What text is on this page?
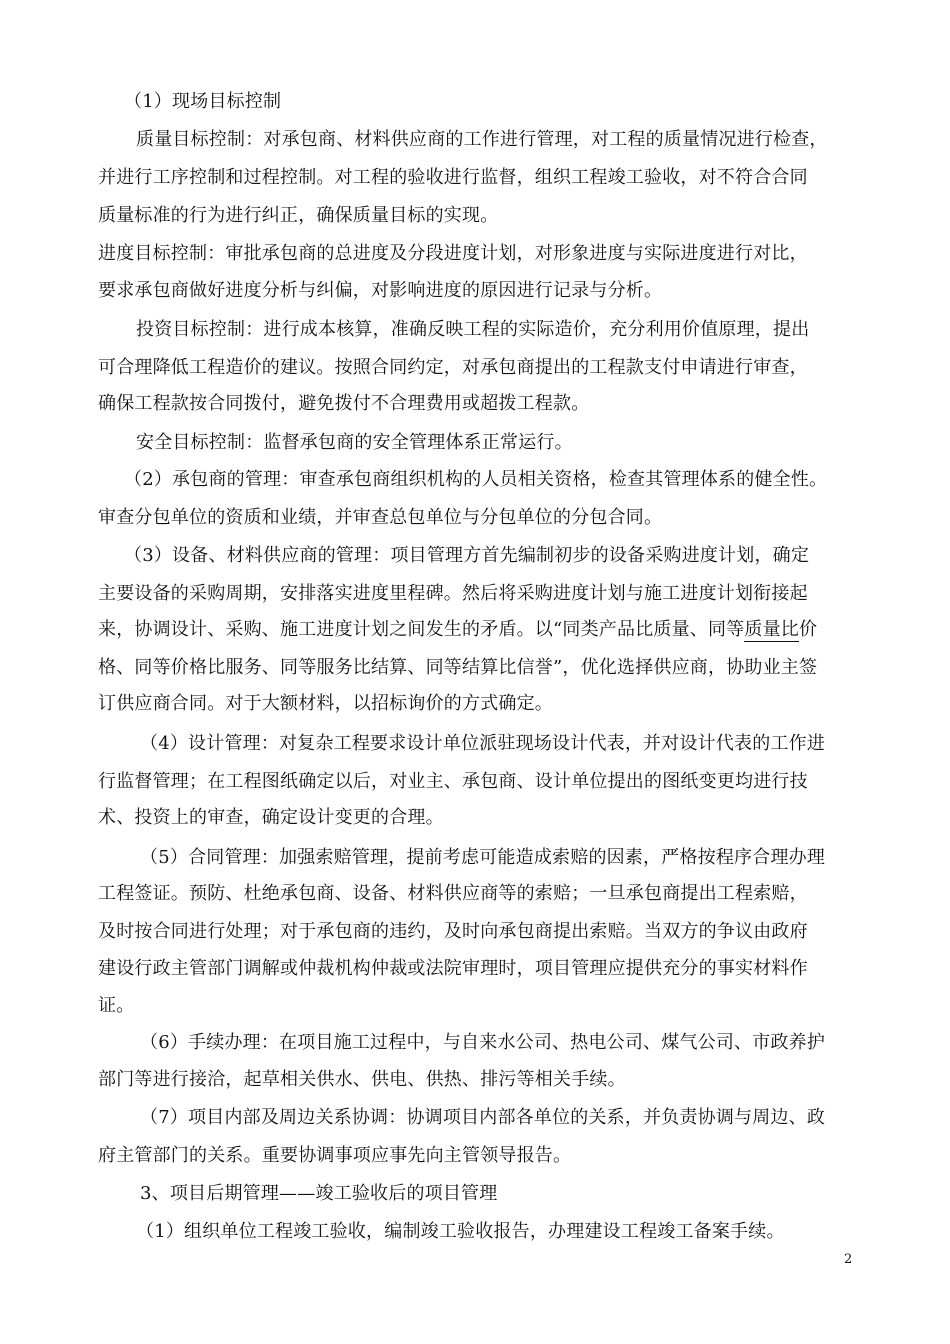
（1）现场目标控制
质量目标控制：对承包商、材料供应商的工作进行管理，对工程的质量情况进行检查，
并进行工序控制和过程控制。对工程的验收进行监督，组织工程竣工验收，对不符合合同
质量标准的行为进行纠正，确保质量目标的实现。
进度目标控制：审批承包商的总进度及分段进度计划，对形象进度与实际进度进行对比，
要求承包商做好进度分析与纠偏，对影响进度的原因进行记录与分析。
投资目标控制：进行成本核算，准确反映工程的实际造价，充分利用价值原理，提出
可合理降低工程造价的建议。按照合同约定，对承包商提出的工程款支付申请进行审查，
确保工程款按合同拨付，避免拨付不合理费用或超拨工程款。
安全目标控制：监督承包商的安全管理体系正常运行。
（2）承包商的管理：审查承包商组织机构的人员相关资格，检查其管理体系的健全性。
审查分包单位的资质和业绩，并审查总包单位与分包单位的分包合同。
（3）设备、材料供应商的管理：项目管理方首先编制初步的设备采购进度计划，确定
主要设备的采购周期，安排落实进度里程碑。然后将采购进度计划与施工进度计划衔接起
来，协调设计、采购、施工进度计划之间发生的矛盾。以“同类产品比质量、同等质量比价
格、同等价格比服务、同等服务比结算、同等结算比信誉”，优化选择供应商，协助业主签
订供应商合同。对于大额材料，以招标询价的方式确定。
（4）设计管理：对复杂工程要求设计单位派驻现场设计代表，并对设计代表的工作进
行监督管理；在工程图纸确定以后，对业主、承包商、设计单位提出的图纸变更均进行技
术、投资上的审查，确定设计变更的合理。
（5）合同管理：加强索赔管理，提前考虑可能造成索赔的因素，严格按程序合理办理
工程签证。预防、杜绝承包商、设备、材料供应商等的索赔；一旦承包商提出工程索赔，
及时按合同进行处理；对于承包商的违约，及时向承包商提出索赔。当双方的争议由政府
建设行政主管部门调解或仲裁机构仲裁或法院审理时，项目管理应提供充分的事实材料作
证。
（6）手续办理：在项目施工过程中，与自来水公司、热电公司、煤气公司、市政养护
部门等进行接洽，起草相关供水、供电、供热、排污等相关手续。
（7）项目内部及周边关系协调：协调项目内部各单位的关系，并负责协调与周边、政
府主管部门的关系。重要协调事项应事先向主管领导报告。
3、项目后期管理——竣工验收后的项目管理
（1）组织单位工程竣工验收，编制竣工验收报告，办理建设工程竣工备案手续。
2
